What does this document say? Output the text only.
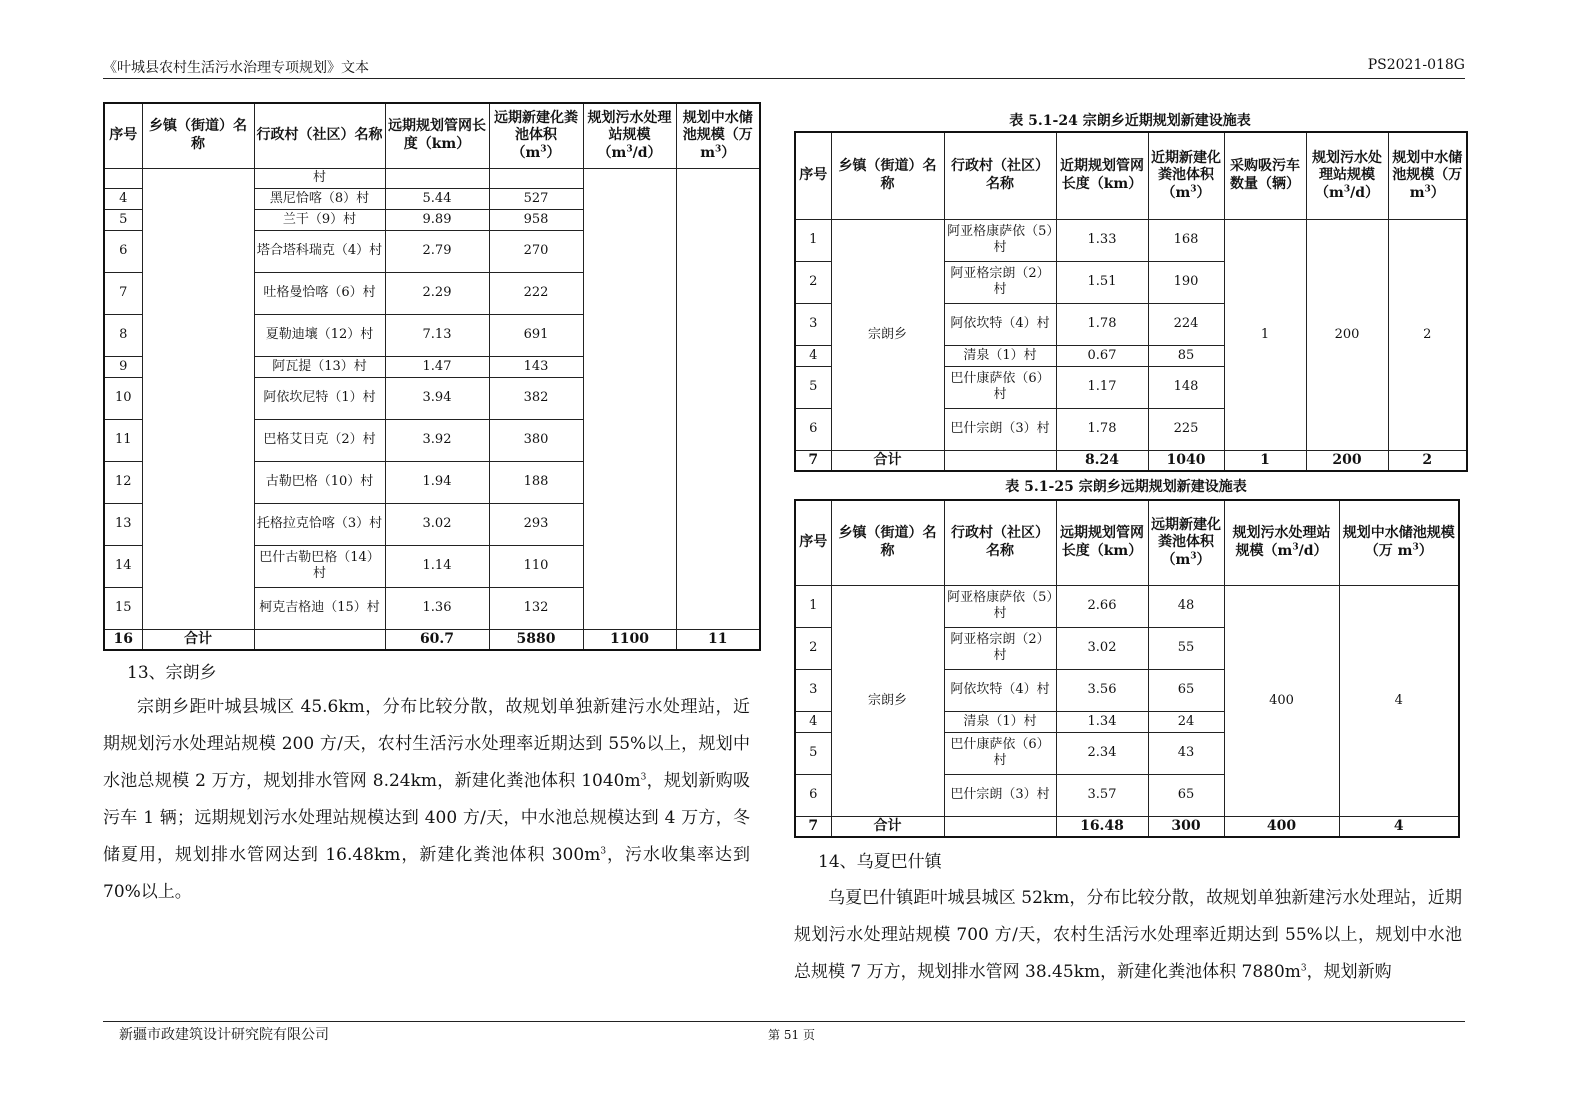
《叶城县农村生活污水治理专项规划》文本	PS2021-018G
序号	乡镇（街道）名称	行政村（社区）名称	远期规划管网长度（km）	远期新建化粪池体积$(m^3)$	规划污水处理站规模$(m^3/d)$	规划中水储池规模（万 $m^3$）
		村				
4		黑尼恰喀（8）村	5.44	527		
5		兰干（9）村	9.89	958		
6		塔合塔科瑞克（4）村	2.79	270		
7		吐格曼恰喀（6）村	2.29	222		
8		夏勒迪壤（12）村	7.13	691		
9		阿瓦提（13）村	1.47	143		
10		阿依坎尼特（1）村	3.94	382		
11		巴格艾日克（2）村	3.92	380		
12		古勒巴格（10）村	1.94	188		
13		托格拉克恰喀（3）村	3.02	293		
14		巴什古勒巴格（14）村	1.14	110		
15		柯克吉格迪（15）村	1.36	132		
16	合计		60.7	5880	1100	11
13、宗朗乡
宗朗乡距叶城县城区 45.6km，分布比较分散，故规划单独新建污水处理站，近期规划污水处理站规模 200 方/天，农村生活污水处理率近期达到 55%以上，规划中水池总规模 2 万方，规划排水管网 8.24km，新建化粪池体积 $1040m^3$，规划新购吸污车 1 辆；远期规划污水处理站规模达到 400 方/天，中水池总规模达到 4 万方，冬储夏用，规划排水管网达到 16.48km，新建化粪池体积 $300m^3$，污水收集率达到 70%以上。
表 5.1-24 宗朗乡近期规划新建设施表
序号	乡镇（街道）名称	行政村（社区）名称	近期规划管网长度（km）	近期新建化粪池体积$(m^3)$	采购吸污车数量（辆）	规划污水处理站规模$(m^3/d)$	规划中水储池规模（万 $m^3$）
1	宗朗乡	阿亚格康萨依（5）村	1.33	168	1	200	2
2		阿亚格宗朗（2）村	1.51	190			
3		阿依坎特（4）村	1.78	224			
4		清泉（1）村	0.67	85			
5		巴什康萨依（6）村	1.17	148			
6		巴什宗朗（3）村	1.78	225			
7	合计		8.24	1040	1	200	2
表 5.1-25 宗朗乡远期规划新建设施表
序号	乡镇（街道）名称	行政村（社区）名称	远期规划管网长度（km）	远期新建化粪池体积$(m^3)$	规划污水处理站规模$(m^3/d)$	规划中水储池规模（万 $m^3$）
1	宗朗乡	阿亚格康萨依（5）村	2.66	48	400	4
2		阿亚格宗朗（2）村	3.02	55		
3		阿依坎特（4）村	3.56	65		
4		清泉（1）村	1.34	24		
5		巴什康萨依（6）村	2.34	43		
6		巴什宗朗（3）村	3.57	65		
7	合计		16.48	300	400	4
14、乌夏巴什镇
乌夏巴什镇距叶城县城区 52km，分布比较分散，故规划单独新建污水处理站，近期规划污水处理站规模 700 方/天，农村生活污水处理率近期达到 55%以上，规划中水池总规模 7 万方，规划排水管网 38.45km，新建化粪池体积 $7880m^3$，规划新购
新疆市政建筑设计研究院有限公司	第 51 页
